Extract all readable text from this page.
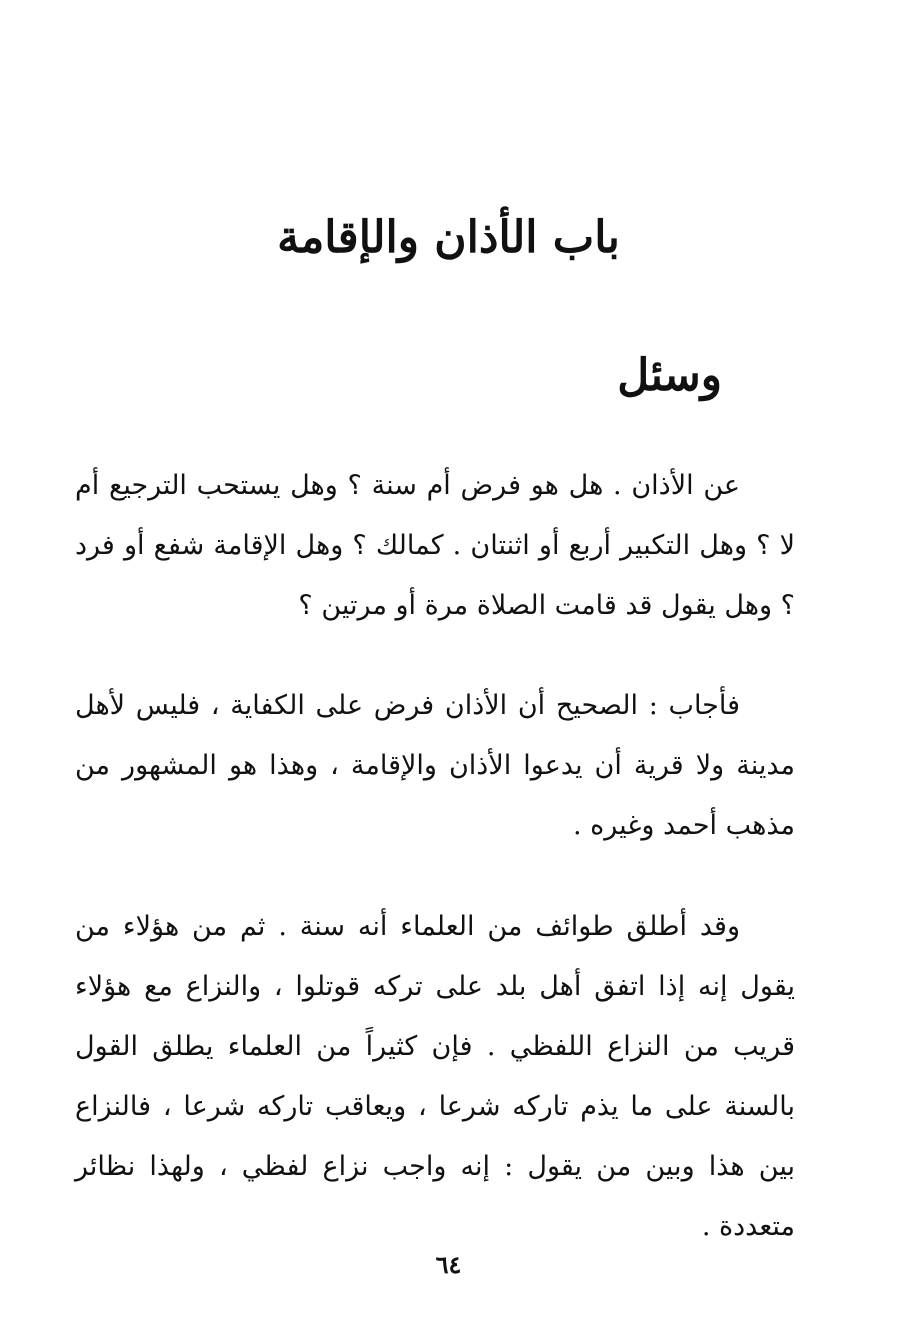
باب الأذان والإقامة
وسئل

عن الأذان . هل هو فرض أم سنة ؟ وهل يستحب الترجيع أم لا ؟ وهل التكبير أربع أو اثنتان . كمالك ؟ وهل الإقامة شفع أو فرد ؟ وهل يقول قد قامت الصلاة مرة أو مرتين ؟

فأجاب : الصحيح أن الأذان فرض على الكفاية ، فليس لأهل مدينة ولا قرية أن يدعوا الأذان والإقامة ، وهذا هو المشهور من مذهب أحمد وغيره .

وقد أطلق طوائف من العلماء أنه سنة . ثم من هؤلاء من يقول إنه إذا اتفق أهل بلد على تركه قوتلوا ، والنزاع مع هؤلاء قريب من النزاع اللفظي . فإن كثيراً من العلماء يطلق القول بالسنة على ما يذم تاركه شرعا ، ويعاقب تاركه شرعا ، فالنزاع بين هذا وبين من يقول : إنه واجب نزاع لفظي ، ولهذا نظائر متعددة .

٦٤
